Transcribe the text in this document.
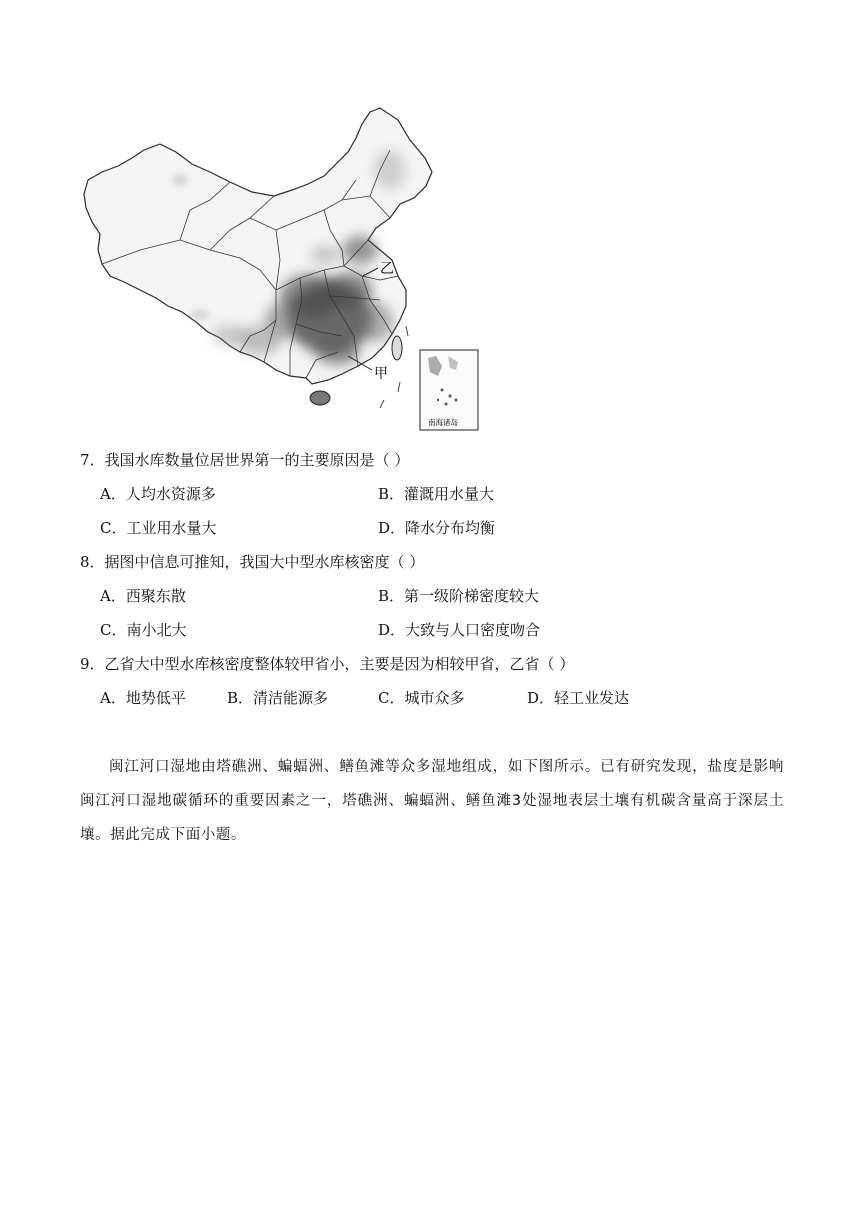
乙
甲
南海诸岛
7．我国水库数量位居世界第一的主要原因是（ ）
A．人均水资源多	B．灌溉用水量大
C．工业用水量大	D．降水分布均衡
8．据图中信息可推知，我国大中型水库核密度（ ）
A．西聚东散	B．第一级阶梯密度较大
C．南小北大	D．大致与人口密度吻合
9．乙省大中型水库核密度整体较甲省小，主要是因为相较甲省，乙省（ ）
A．地势低平	B．清洁能源多	C．城市众多	D．轻工业发达
闽江河口湿地由塔礁洲、蝙蝠洲、鳝鱼滩等众多湿地组成，如下图所示。已有研究发现，盐度是影响闽江河口湿地碳循环的重要因素之一，塔礁洲、蝙蝠洲、鳝鱼滩3处湿地表层土壤有机碳含量高于深层土壤。据此完成下面小题。
